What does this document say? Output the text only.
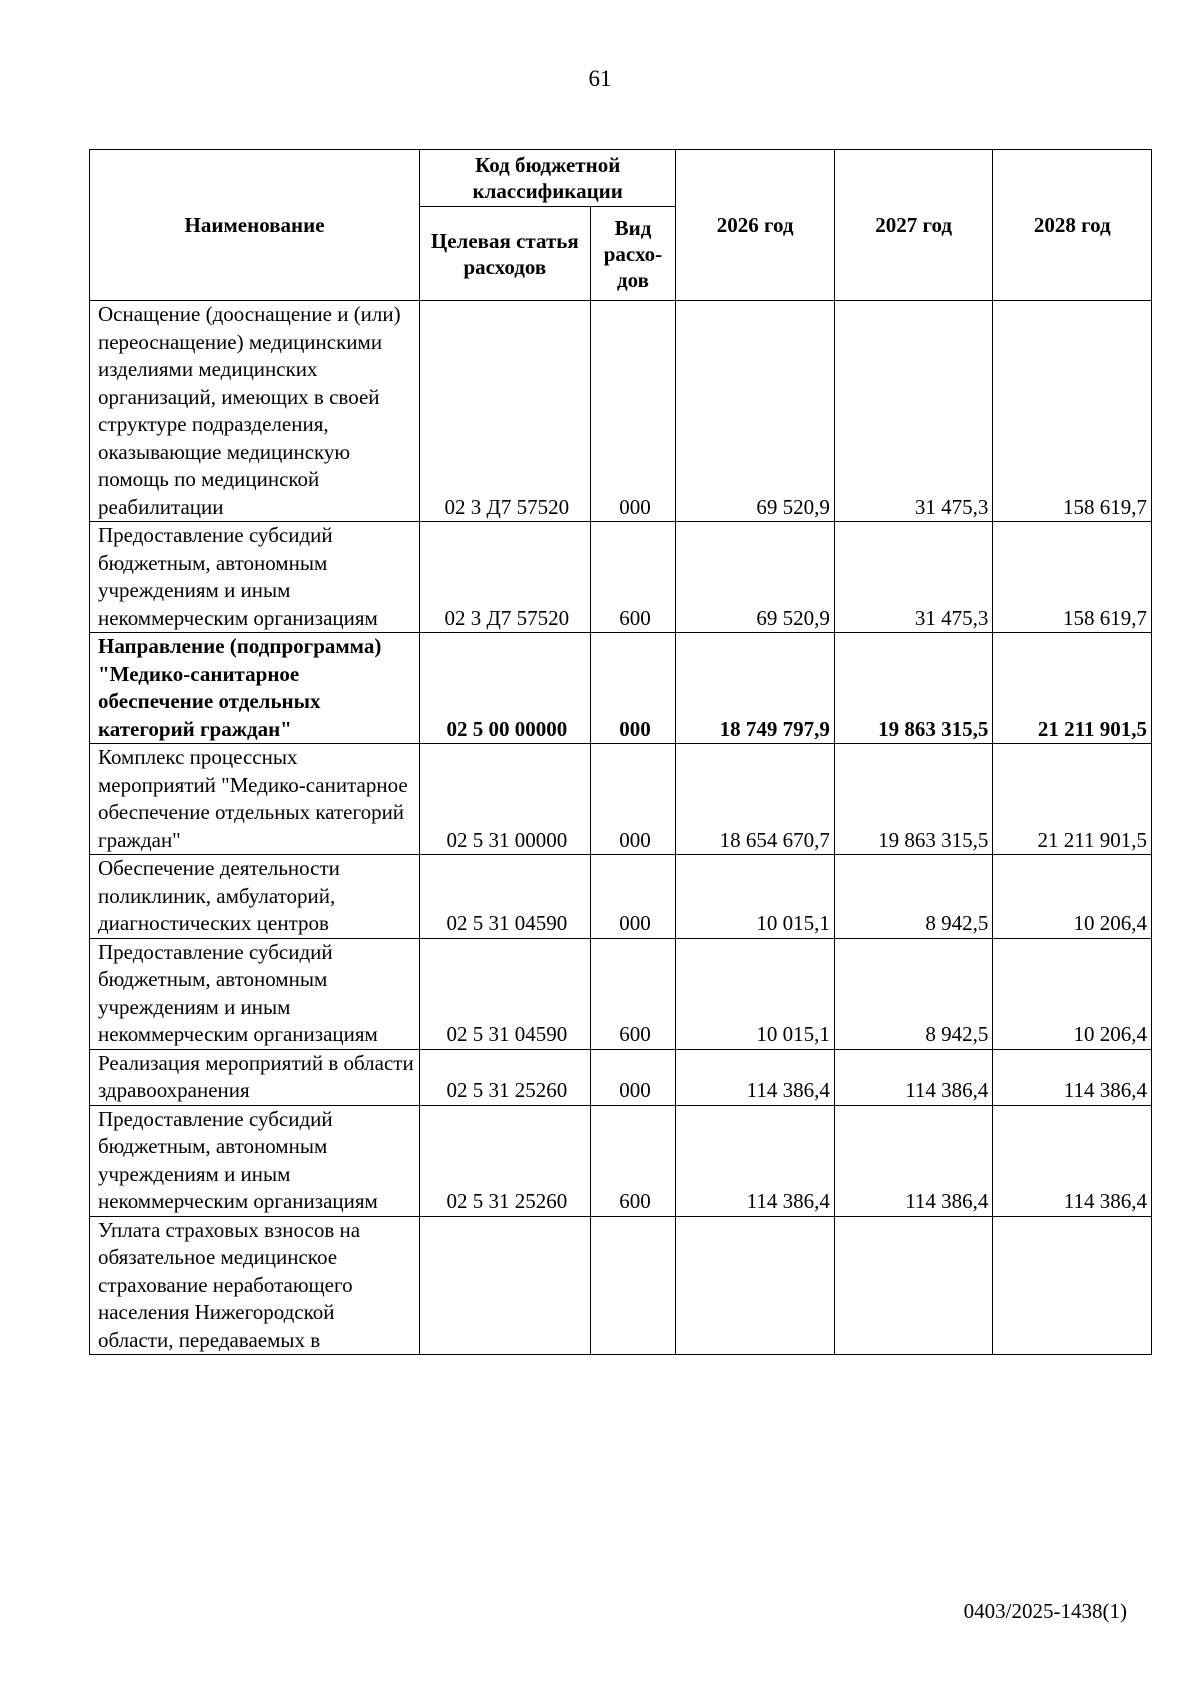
61
Наименование	Код бюджетной классификации		2026 год	2027 год	2028 год
	Целевая статья расходов	Вид расхо-дов			
Оснащение (дооснащение и (или) переоснащение) медицинскими изделиями медицинских организаций, имеющих в своей структуре подразделения, оказывающие медицинскую помощь по медицинской реабилитации	02 3 Д7 57520	000	69 520,9	31 475,3	158 619,7
Предоставление субсидий бюджетным, автономным учреждениям и иным некоммерческим организациям	02 3 Д7 57520	600	69 520,9	31 475,3	158 619,7
Направление (подпрограмма) "Медико-санитарное обеспечение отдельных категорий граждан"	02 5 00 00000	000	18 749 797,9	19 863 315,5	21 211 901,5
Комплекс процессных мероприятий "Медико-санитарное обеспечение отдельных категорий граждан"	02 5 31 00000	000	18 654 670,7	19 863 315,5	21 211 901,5
Обеспечение деятельности поликлиник, амбулаторий, диагностических центров	02 5 31 04590	000	10 015,1	8 942,5	10 206,4
Предоставление субсидий бюджетным, автономным учреждениям и иным некоммерческим организациям	02 5 31 04590	600	10 015,1	8 942,5	10 206,4
Реализация мероприятий в области здравоохранения	02 5 31 25260	000	114 386,4	114 386,4	114 386,4
Предоставление субсидий бюджетным, автономным учреждениям и иным некоммерческим организациям	02 5 31 25260	600	114 386,4	114 386,4	114 386,4
Уплата страховых взносов на обязательное медицинское страхование неработающего населения Нижегородской области, передаваемых в					
0403/2025-1438(1)
